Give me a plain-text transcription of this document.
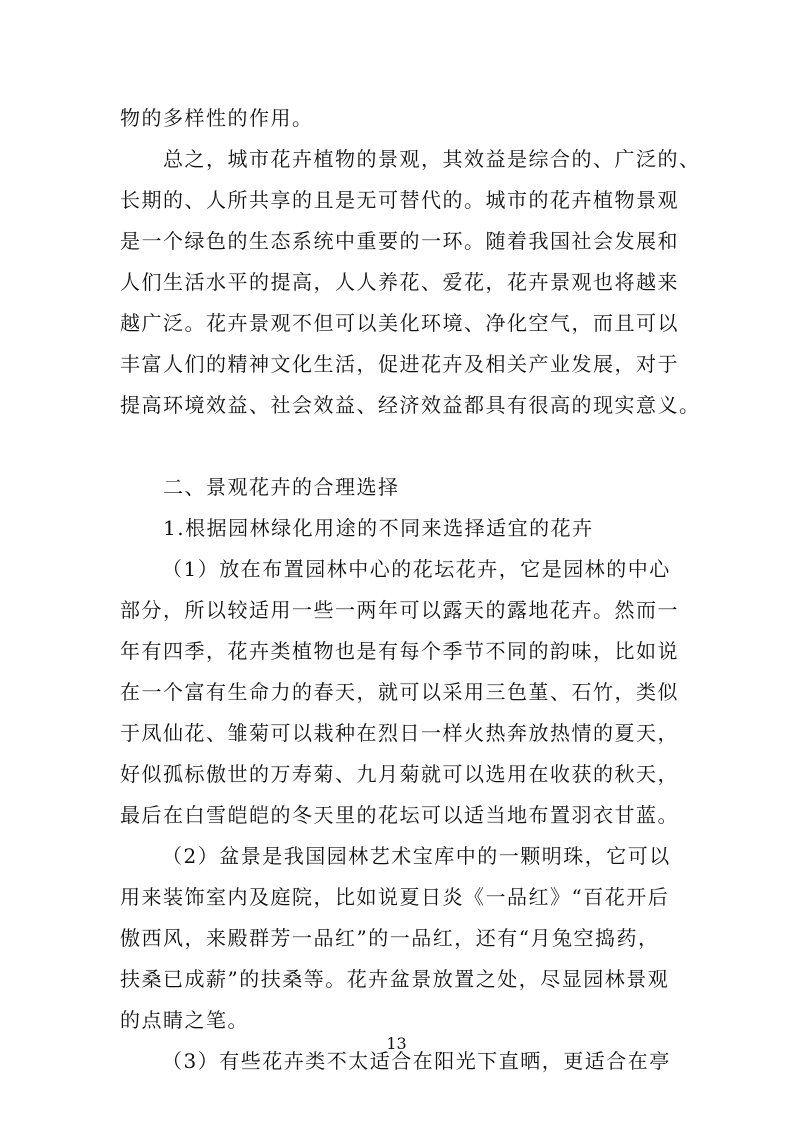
物的多样性的作用。
总之，城市花卉植物的景观，其效益是综合的、广泛的、
长期的、人所共享的且是无可替代的。城市的花卉植物景观
是一个绿色的生态系统中重要的一环。随着我国社会发展和
人们生活水平的提高，人人养花、爱花，花卉景观也将越来
越广泛。花卉景观不但可以美化环境、净化空气，而且可以
丰富人们的精神文化生活，促进花卉及相关产业发展，对于
提高环境效益、社会效益、经济效益都具有很高的现实意义。
二、景观花卉的合理选择
1.根据园林绿化用途的不同来选择适宜的花卉
（1）放在布置园林中心的花坛花卉，它是园林的中心
部分，所以较适用一些一两年可以露天的露地花卉。然而一
年有四季，花卉类植物也是有每个季节不同的韵味，比如说
在一个富有生命力的春天，就可以采用三色堇、石竹，类似
于凤仙花、雏菊可以栽种在烈日一样火热奔放热情的夏天，
好似孤标傲世的万寿菊、九月菊就可以选用在收获的秋天，
最后在白雪皑皑的冬天里的花坛可以适当地布置羽衣甘蓝。
（2）盆景是我国园林艺术宝库中的一颗明珠，它可以
用来装饰室内及庭院，比如说夏日炎《一品红》“百花开后
傲西风，来殿群芳一品红”的一品红，还有“月兔空捣药，
扶桑已成薪”的扶桑等。花卉盆景放置之处，尽显园林景观
的点睛之笔。
（3）有些花卉类不太适合在阳光下直晒，更适合在亭
13
